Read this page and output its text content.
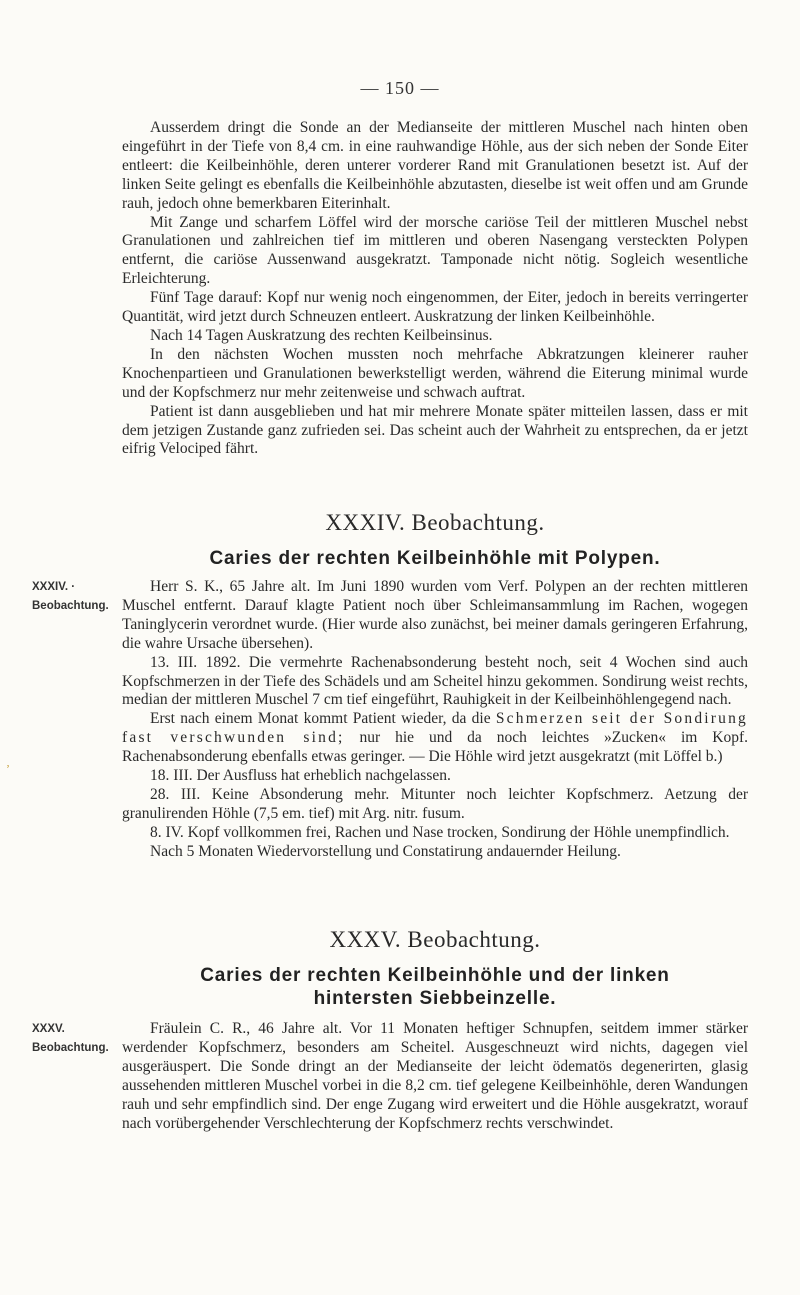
— 150 —

Ausserdem dringt die Sonde an der Medianseite der mittleren Muschel nach hinten oben eingeführt in der Tiefe von 8,4 cm. in eine rauhwandige Höhle, aus der sich neben der Sonde Eiter entleert: die Keilbeinhöhle, deren unterer vorderer Rand mit Granulationen besetzt ist. Auf der linken Seite gelingt es ebenfalls die Keilbeinhöhle abzutasten, dieselbe ist weit offen und am Grunde rauh, jedoch ohne bemerkbaren Eiterinhalt.

Mit Zange und scharfem Löffel wird der morsche cariöse Teil der mittleren Muschel nebst Granulationen und zahlreichen tief im mittleren und oberen Nasengang versteckten Polypen entfernt, die cariöse Aussenwand ausgekratzt. Tamponade nicht nötig. Sogleich wesentliche Erleichterung.

Fünf Tage darauf: Kopf nur wenig noch eingenommen, der Eiter, jedoch in bereits verringerter Quantität, wird jetzt durch Schneuzen entleert. Auskratzung der linken Keilbeinhöhle.

Nach 14 Tagen Auskratzung des rechten Keilbeinsinus.

In den nächsten Wochen mussten noch mehrfache Abkratzungen kleinerer rauher Knochenpartieen und Granulationen bewerkstelligt werden, während die Eiterung minimal wurde und der Kopfschmerz nur mehr zeitenweise und schwach auftrat.

Patient ist dann ausgeblieben und hat mir mehrere Monate später mitteilen lassen, dass er mit dem jetzigen Zustande ganz zufrieden sei. Das scheint auch der Wahrheit zu entsprechen, da er jetzt eifrig Velociped fährt.

XXXIV. Beobachtung.

Caries der rechten Keilbeinhöhle mit Polypen.

XXXIV. ·
Beobachtung.

Herr S. K., 65 Jahre alt. Im Juni 1890 wurden vom Verf. Polypen an der rechten mittleren Muschel entfernt. Darauf klagte Patient noch über Schleimansammlung im Rachen, wogegen Taninglycerin verordnet wurde. (Hier wurde also zunächst, bei meiner damals geringeren Erfahrung, die wahre Ursache übersehen).

13. III. 1892. Die vermehrte Rachenabsonderung besteht noch, seit 4 Wochen sind auch Kopfschmerzen in der Tiefe des Schädels und am Scheitel hinzu gekommen. Sondirung weist rechts, median der mittleren Muschel 7 cm tief eingeführt, Rauhigkeit in der Keilbeinhöhlengegend nach.

Erst nach einem Monat kommt Patient wieder, da die Schmerzen seit der Sondirung fast verschwunden sind; nur hie und da noch leichtes »Zucken« im Kopf. Rachenabsonderung ebenfalls etwas geringer. — Die Höhle wird jetzt ausgekratzt (mit Löffel b.)

18. III. Der Ausfluss hat erheblich nachgelassen.

28. III. Keine Absonderung mehr. Mitunter noch leichter Kopfschmerz. Aetzung der granulirenden Höhle (7,5 em. tief) mit Arg. nitr. fusum.

8. IV. Kopf vollkommen frei, Rachen und Nase trocken, Sondirung der Höhle unempfindlich.

Nach 5 Monaten Wiedervorstellung und Constatirung andauernder Heilung.

ʼ

XXXV. Beobachtung.

Caries der rechten Keilbeinhöhle und der linken hintersten Siebbeinzelle.

XXXV.
Beobachtung.

Fräulein C. R., 46 Jahre alt. Vor 11 Monaten heftiger Schnupfen, seitdem immer stärker werdender Kopfschmerz, besonders am Scheitel. Ausgeschneuzt wird nichts, dagegen viel ausgeräuspert. Die Sonde dringt an der Medianseite der leicht ödematös degenerirten, glasig aussehenden mittleren Muschel vorbei in die 8,2 cm. tief gelegene Keilbeinhöhle, deren Wandungen rauh und sehr empfindlich sind. Der enge Zugang wird erweitert und die Höhle ausgekratzt, worauf nach vorübergehender Verschlechterung der Kopfschmerz rechts verschwindet.
